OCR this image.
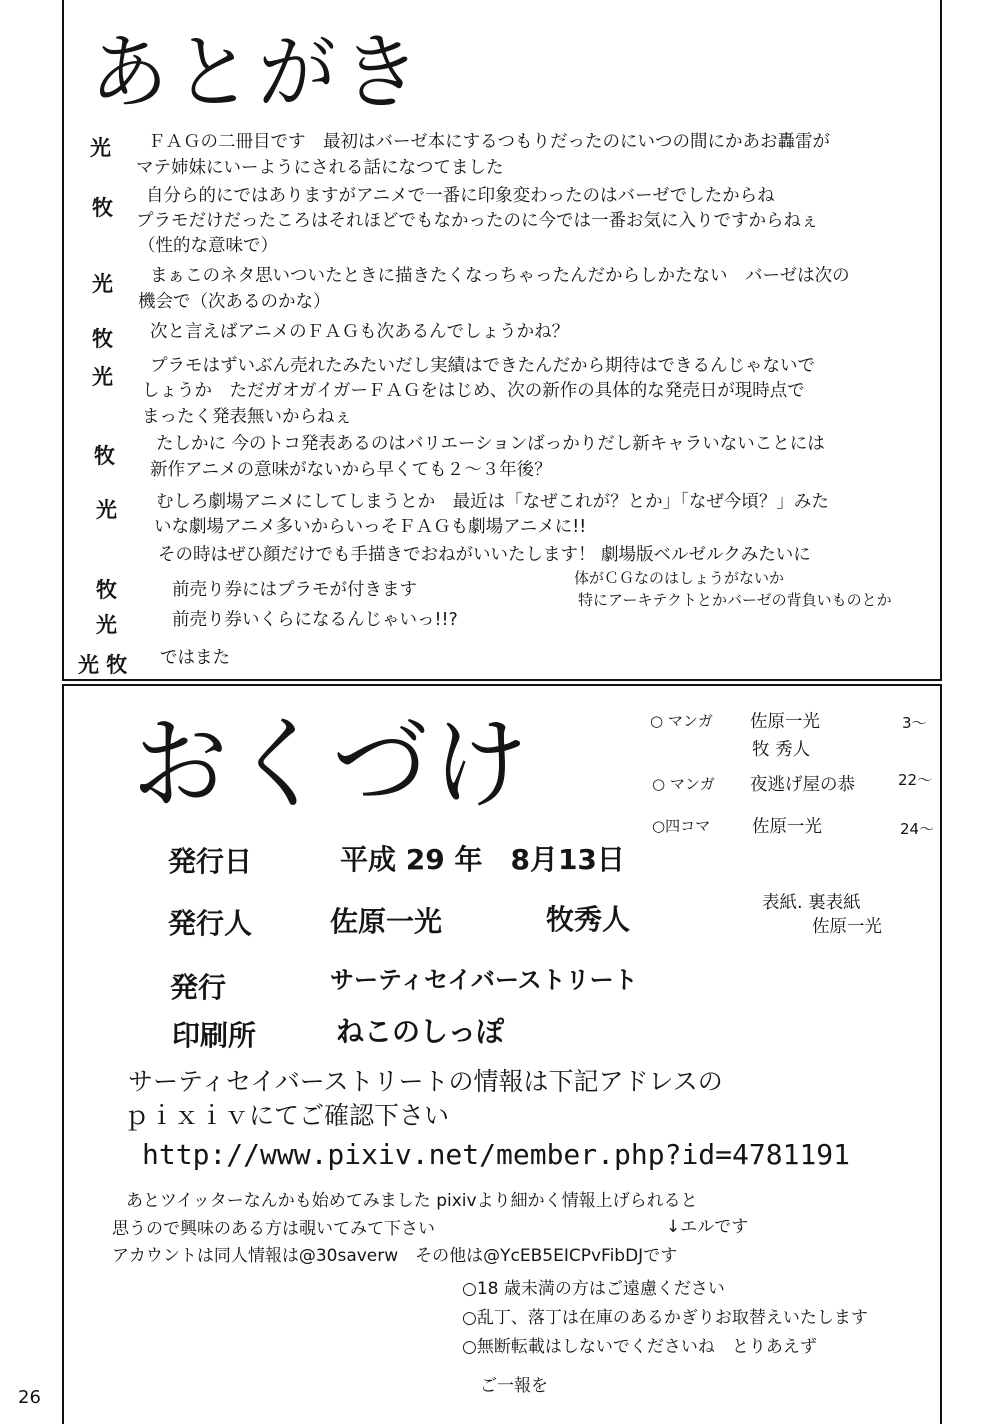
あとがき
光 ＦＡＧの二冊目です　最初はバーゼ本にするつもりだったのにいつの間にかあお轟雷が
マテ姉妹にいーようにされる話になつてました
牧 自分ら的にではありますがアニメで一番に印象変わったのはバーゼでしたからね
プラモだけだったころはそれほどでもなかったのに今では一番お気に入りですからねぇ
（性的な意味で）
光 まぁこのネタ思いついたときに描きたくなっちゃったんだからしかたない　バーゼは次の
機会で（次あるのかな）
牧 次と言えばアニメのＦＡＧも次あるんでしょうかね？
光 プラモはずいぶん売れたみたいだし実績はできたんだから期待はできるんじゃないで
しょうか　ただガオガイガーＦＡＧをはじめ、次の新作の具体的な発売日が現時点で
まったく発表無いからねぇ
牧 たしかに 今のトコ発表あるのはバリエーションばっかりだし新キャラいないことには
新作アニメの意味がないから早くても２～３年後？
光 むしろ劇場アニメにしてしまうとか　最近は「なぜこれが？とか」「なぜ今頃？」みた
いな劇場アニメ多いからいっそＦＡＧも劇場アニメに!!
その時はぜひ顔だけでも手描きでおねがいいたします！ 劇場版ベルゼルクみたいに
牧	前売り券にはプラモが付きます
光	前売り券いくらになるんじゃいっ!!?
光 牧 ではまた
体がＣＧなのはしょうがないか
特にアーキテクトとかバーゼの背負いものとか
おくづけ	○ マンガ 佐原一光	3～
牧 秀人
○ マンガ 夜逃げ屋の恭	22～
○四コマ 佐原一光	24～
表紙. 裏表紙
佐原一光
発行日	平成 29 年　8月13日
発行人	佐原一光	牧秀人
発行	サーティセイバーストリート
印刷所	ねこのしっぽ
サーティセイバーストリートの情報は下記アドレスの
ｐｉｘｉｖにてご確認下さい
http://www.pixiv.net/member.php?id=4781191
あとツイッターなんかも始めてみました pixivより細かく情報上げられると
思うので興味のある方は覗いてみて下さい	↓エルです
アカウントは同人情報は@30saverw　その他は@YcEB5EICPvFibDJです
○18 歳未満の方はご遠慮ください
○乱丁、落丁は在庫のあるかぎりお取替えいたします
○無断転載はしないでくださいね　とりあえず
ご一報を
26
